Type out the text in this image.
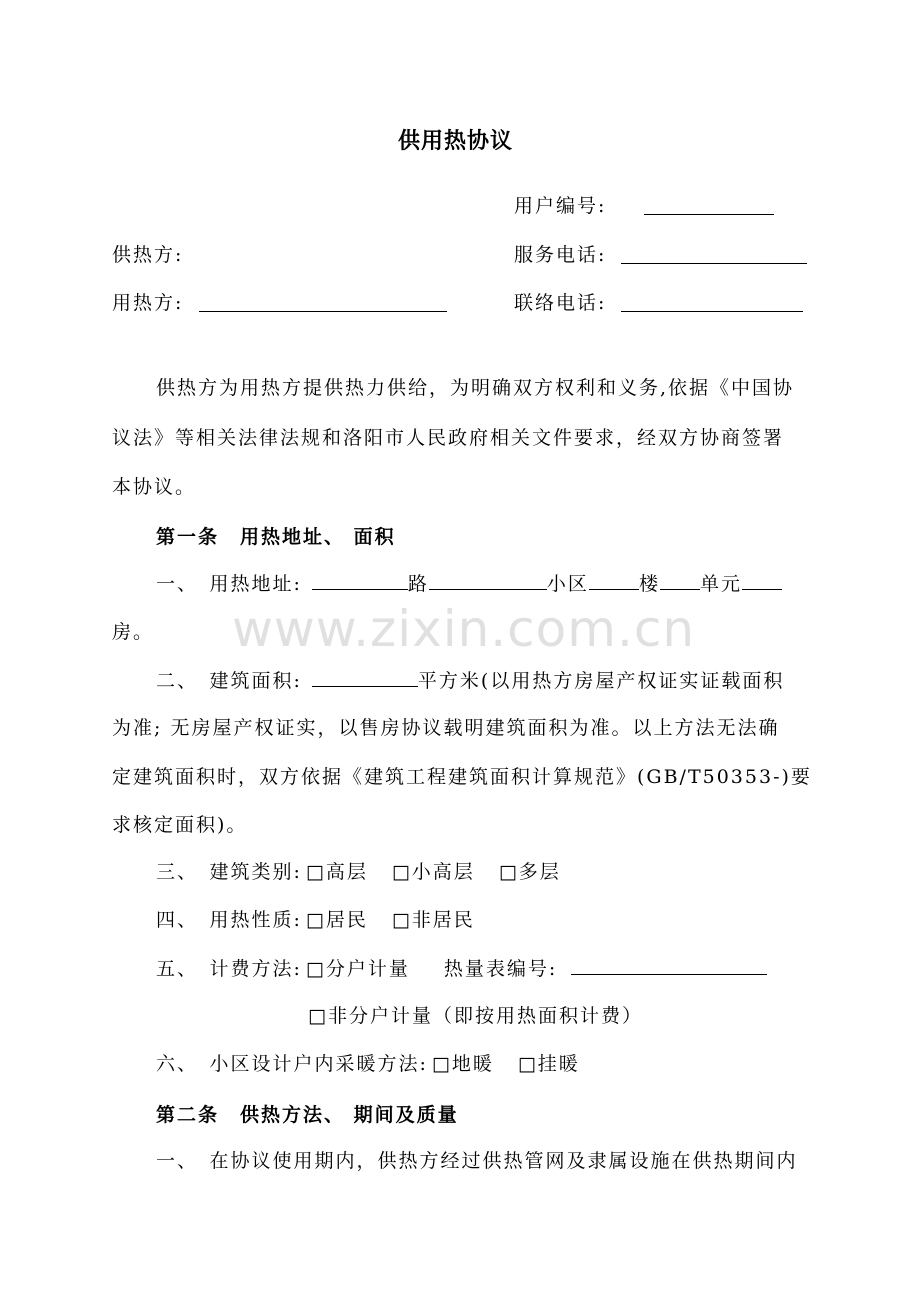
供用热协议
用户编号:
供热方:	服务电话:
用热方:	联络电话:
供热方为用热方提供热力供给，为明确双方权利和义务,依据《中国协
议法》等相关法律法规和洛阳市人民政府相关文件要求，经双方协商签署
本协议。
第一条　用热地址、 面积
一、　用热地址:	路	小区	楼 单元
房。 www.zixin.com.cn
二、　建筑面积:	平方米(以用热方房屋产权证实证载面积
为准; 无房屋产权证实，以售房协议载明建筑面积为准。以上方法无法确
定建筑面积时，双方依据《建筑工程建筑面积计算规范》(GB/T50353-)要
求核定面积)。
三、　建筑类别: □高层 □小高层 □多层
四、　用热性质: □居民 □非居民
五、　计费方法: □分户计量 热量表编号:
□非分户计量（即按用热面积计费）
六、　小区设计户内采暖方法: □地暖 □挂暖
第二条　供热方法、 期间及质量
一、　在协议使用期内，供热方经过供热管网及隶属设施在供热期间内
